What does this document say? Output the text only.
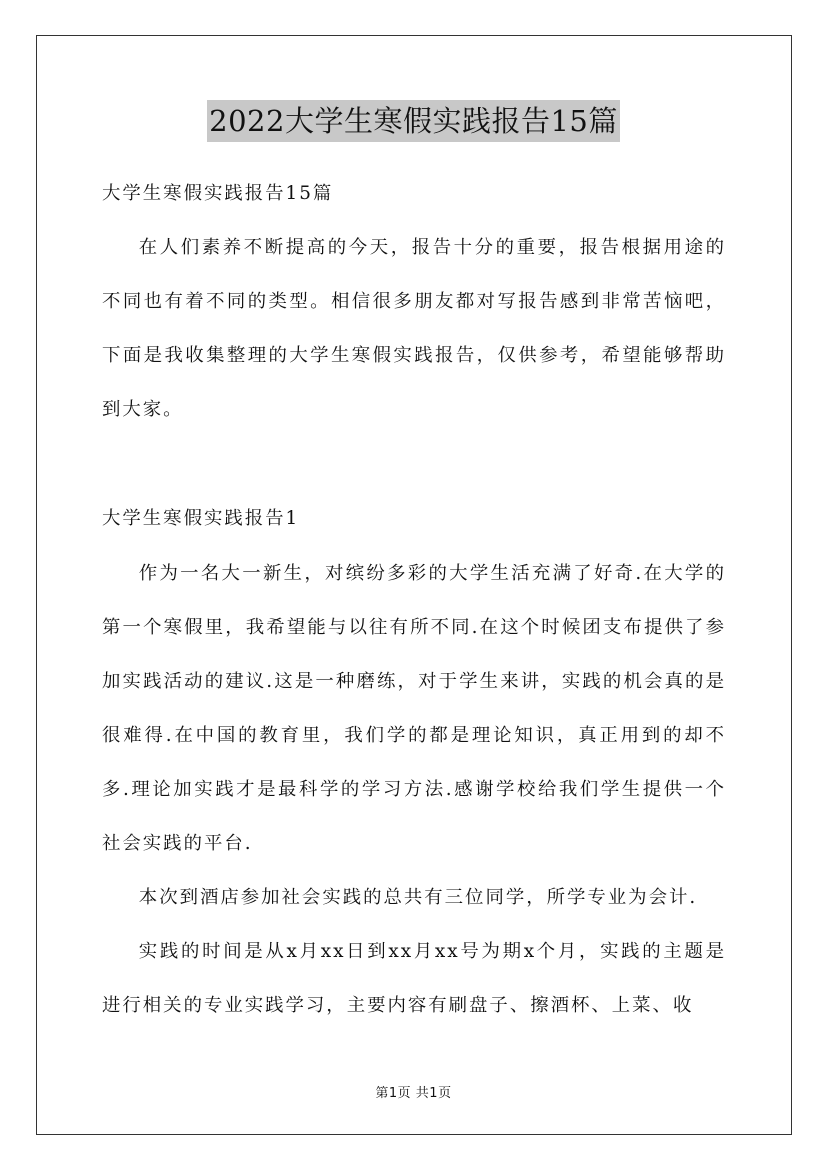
2022大学生寒假实践报告15篇
大学生寒假实践报告15篇
在人们素养不断提高的今天，报告十分的重要，报告根据用途的不同也有着不同的类型。相信很多朋友都对写报告感到非常苦恼吧，下面是我收集整理的大学生寒假实践报告，仅供参考，希望能够帮助到大家。
大学生寒假实践报告1
作为一名大一新生，对缤纷多彩的大学生活充满了好奇.在大学的第一个寒假里，我希望能与以往有所不同.在这个时候团支布提供了参加实践活动的建议.这是一种磨练，对于学生来讲，实践的机会真的是很难得.在中国的教育里，我们学的都是理论知识，真正用到的却不多.理论加实践才是最科学的学习方法.感谢学校给我们学生提供一个社会实践的平台.
本次到酒店参加社会实践的总共有三位同学，所学专业为会计.
实践的时间是从x月xx日到xx月xx号为期x个月，实践的主题是进行相关的专业实践学习，主要内容有刷盘子、擦酒杯、上菜、收
第1页 共1页
